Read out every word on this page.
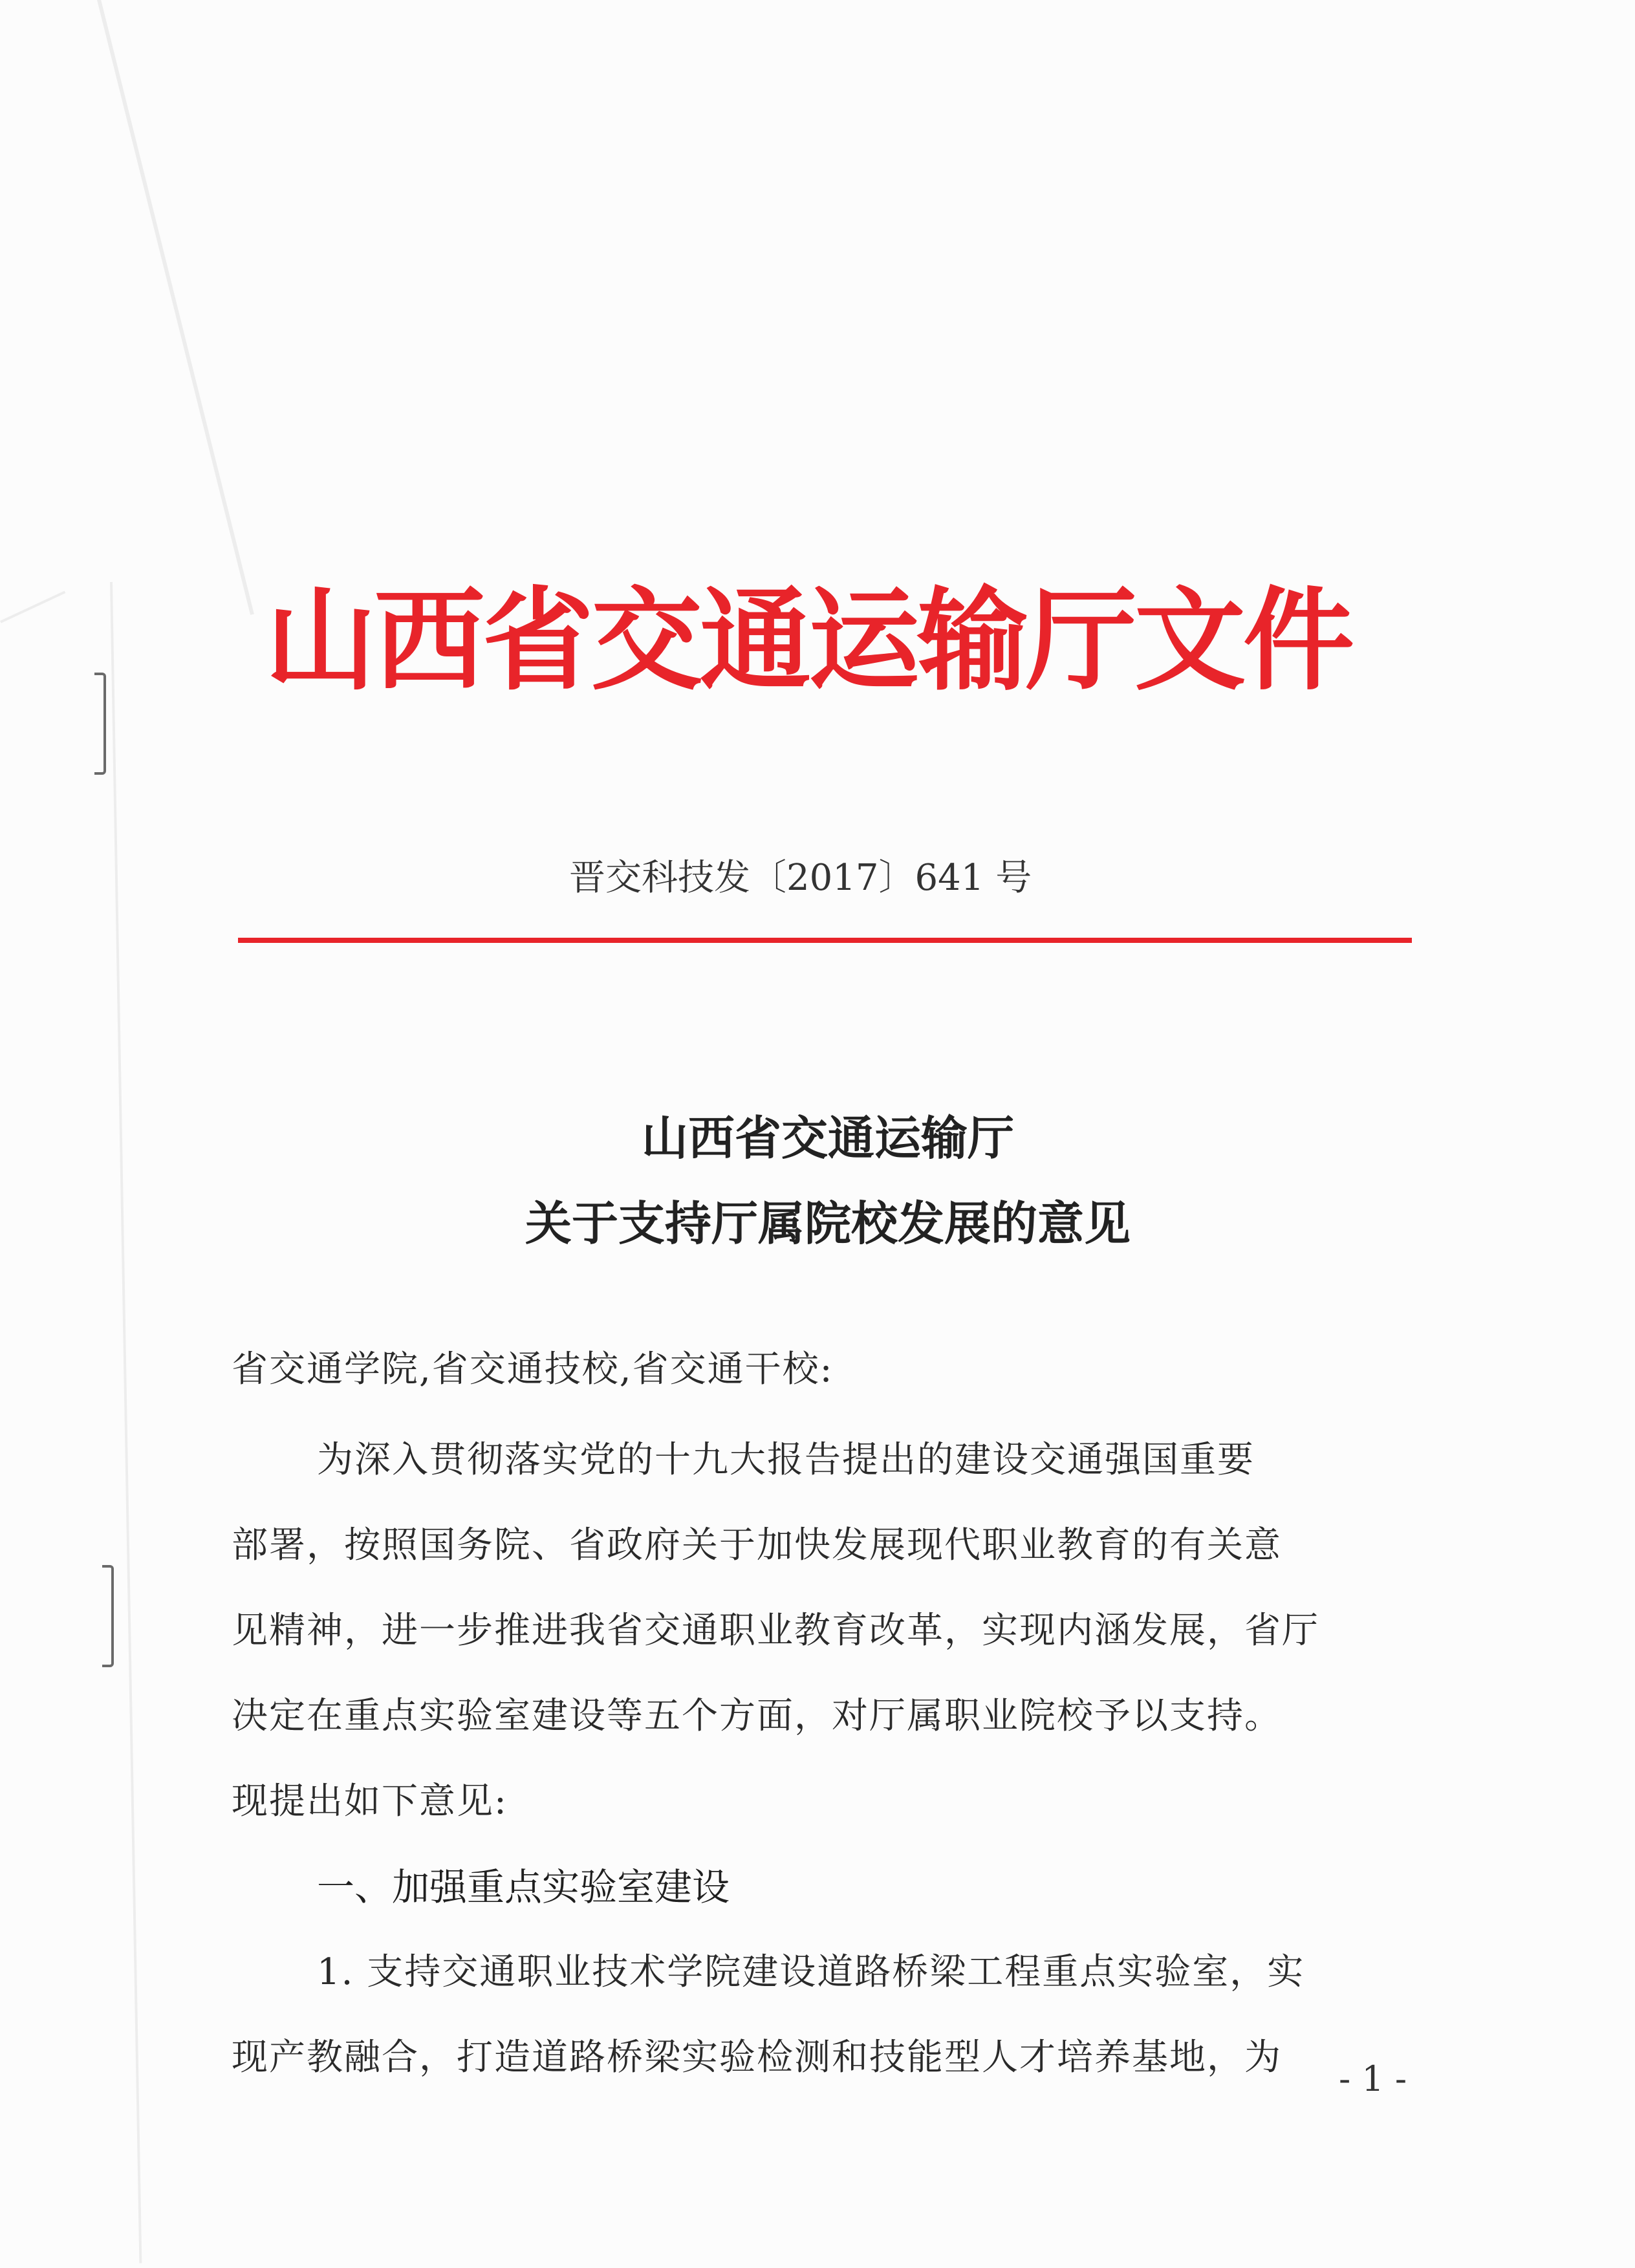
山西省交通运输厅文件
晋交科技发〔2017〕641 号
山西省交通运输厅
关于支持厅属院校发展的意见
省交通学院,省交通技校,省交通干校:
为深入贯彻落实党的十九大报告提出的建设交通强国重要
部署，按照国务院、省政府关于加快发展现代职业教育的有关意
见精神，进一步推进我省交通职业教育改革，实现内涵发展，省厅
决定在重点实验室建设等五个方面，对厅属职业院校予以支持。
现提出如下意见:
一、加强重点实验室建设
1. 支持交通职业技术学院建设道路桥梁工程重点实验室，实
现产教融合，打造道路桥梁实验检测和技能型人才培养基地，为
- 1 -
